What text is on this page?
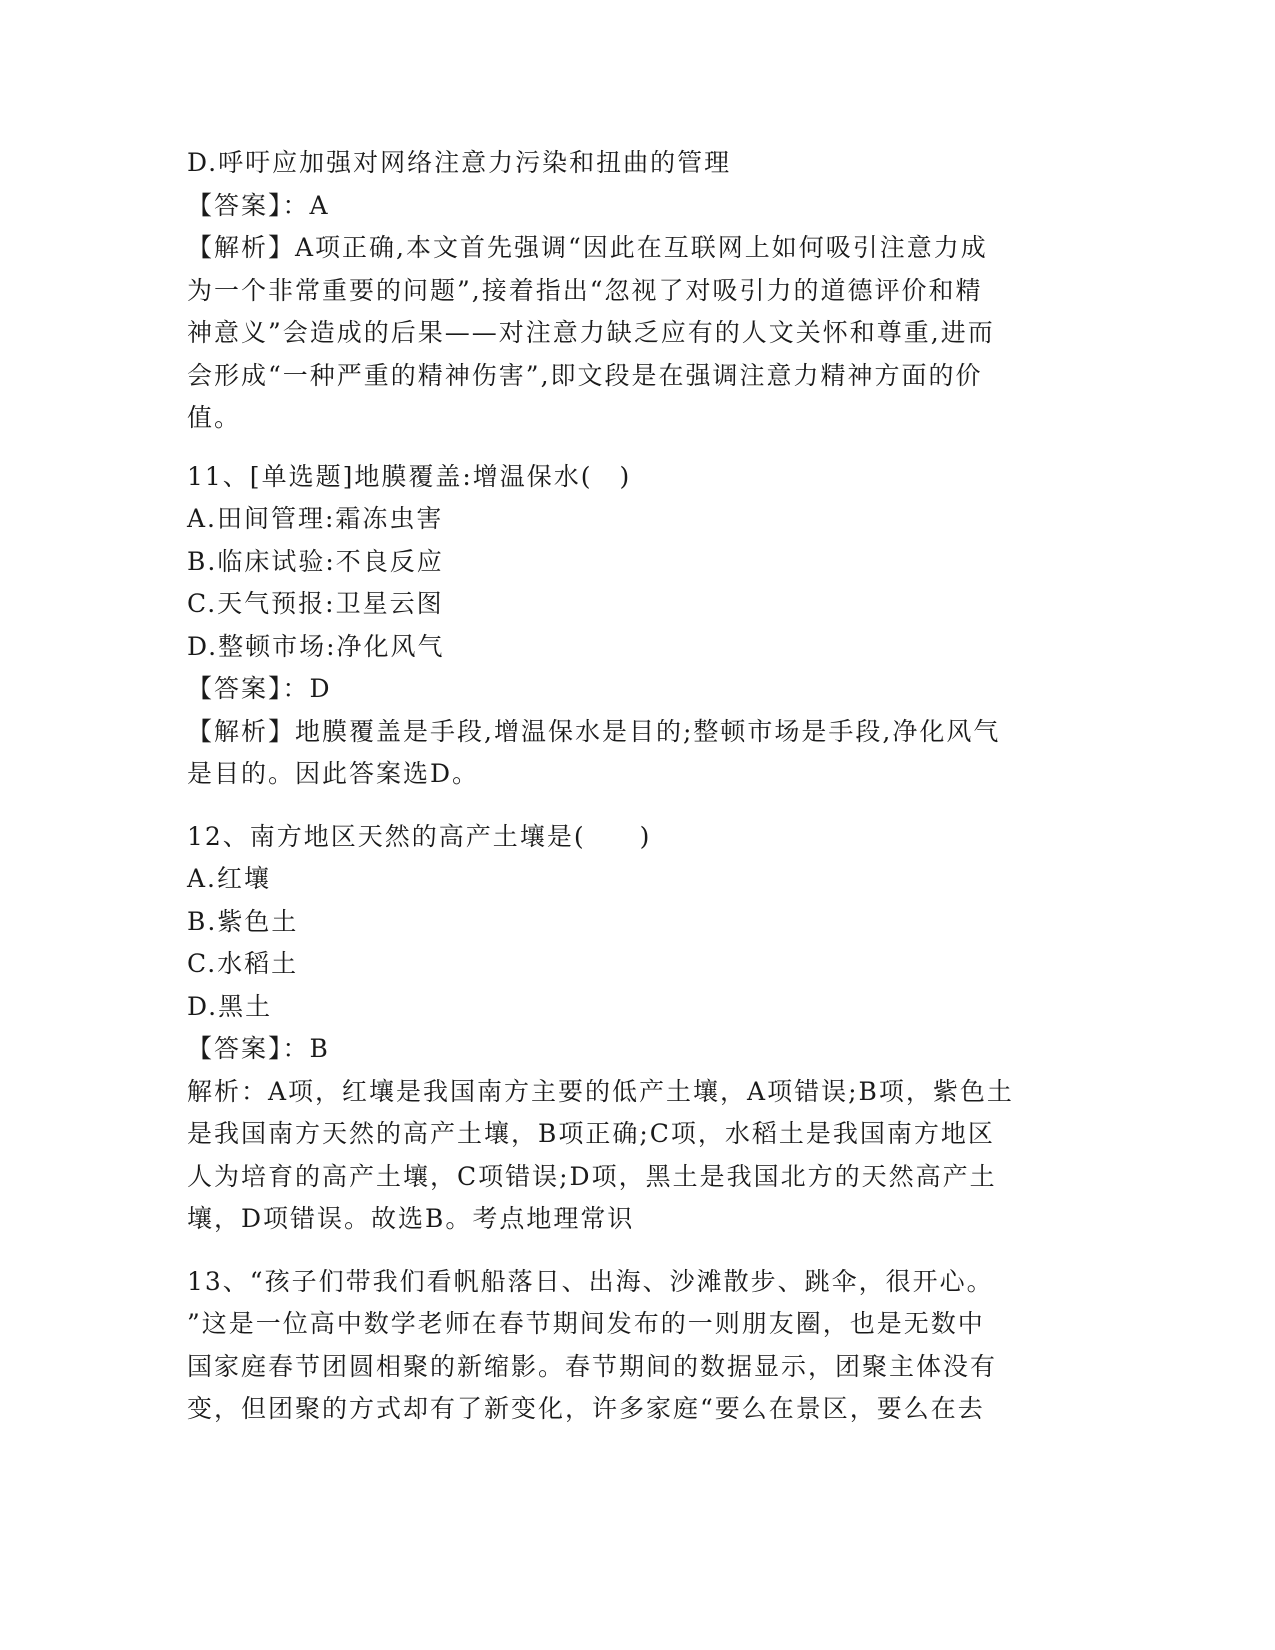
D.呼吁应加强对网络注意力污染和扭曲的管理
【答案】：A
【解析】A项正确,本文首先强调“因此在互联网上如何吸引注意力成
为一个非常重要的问题”,接着指出“忽视了对吸引力的道德评价和精
神意义”会造成的后果——对注意力缺乏应有的人文关怀和尊重,进而
会形成“一种严重的精神伤害”,即文段是在强调注意力精神方面的价
值。
11、[单选题]地膜覆盖:增温保水(　)
A.田间管理:霜冻虫害
B.临床试验:不良反应
C.天气预报:卫星云图
D.整顿市场:净化风气
【答案】：D
【解析】地膜覆盖是手段,增温保水是目的;整顿市场是手段,净化风气
是目的。因此答案选D。
12、南方地区天然的高产土壤是(　　)
A.红壤
B.紫色土
C.水稻土
D.黑土
【答案】：B
解析：A项，红壤是我国南方主要的低产土壤，A项错误;B项，紫色土
是我国南方天然的高产土壤，B项正确;C项，水稻土是我国南方地区
人为培育的高产土壤，C项错误;D项，黑土是我国北方的天然高产土
壤，D项错误。故选B。考点地理常识
13、“孩子们带我们看帆船落日、出海、沙滩散步、跳伞，很开心。
”这是一位高中数学老师在春节期间发布的一则朋友圈，也是无数中
国家庭春节团圆相聚的新缩影。春节期间的数据显示，团聚主体没有
变，但团聚的方式却有了新变化，许多家庭“要么在景区，要么在去
